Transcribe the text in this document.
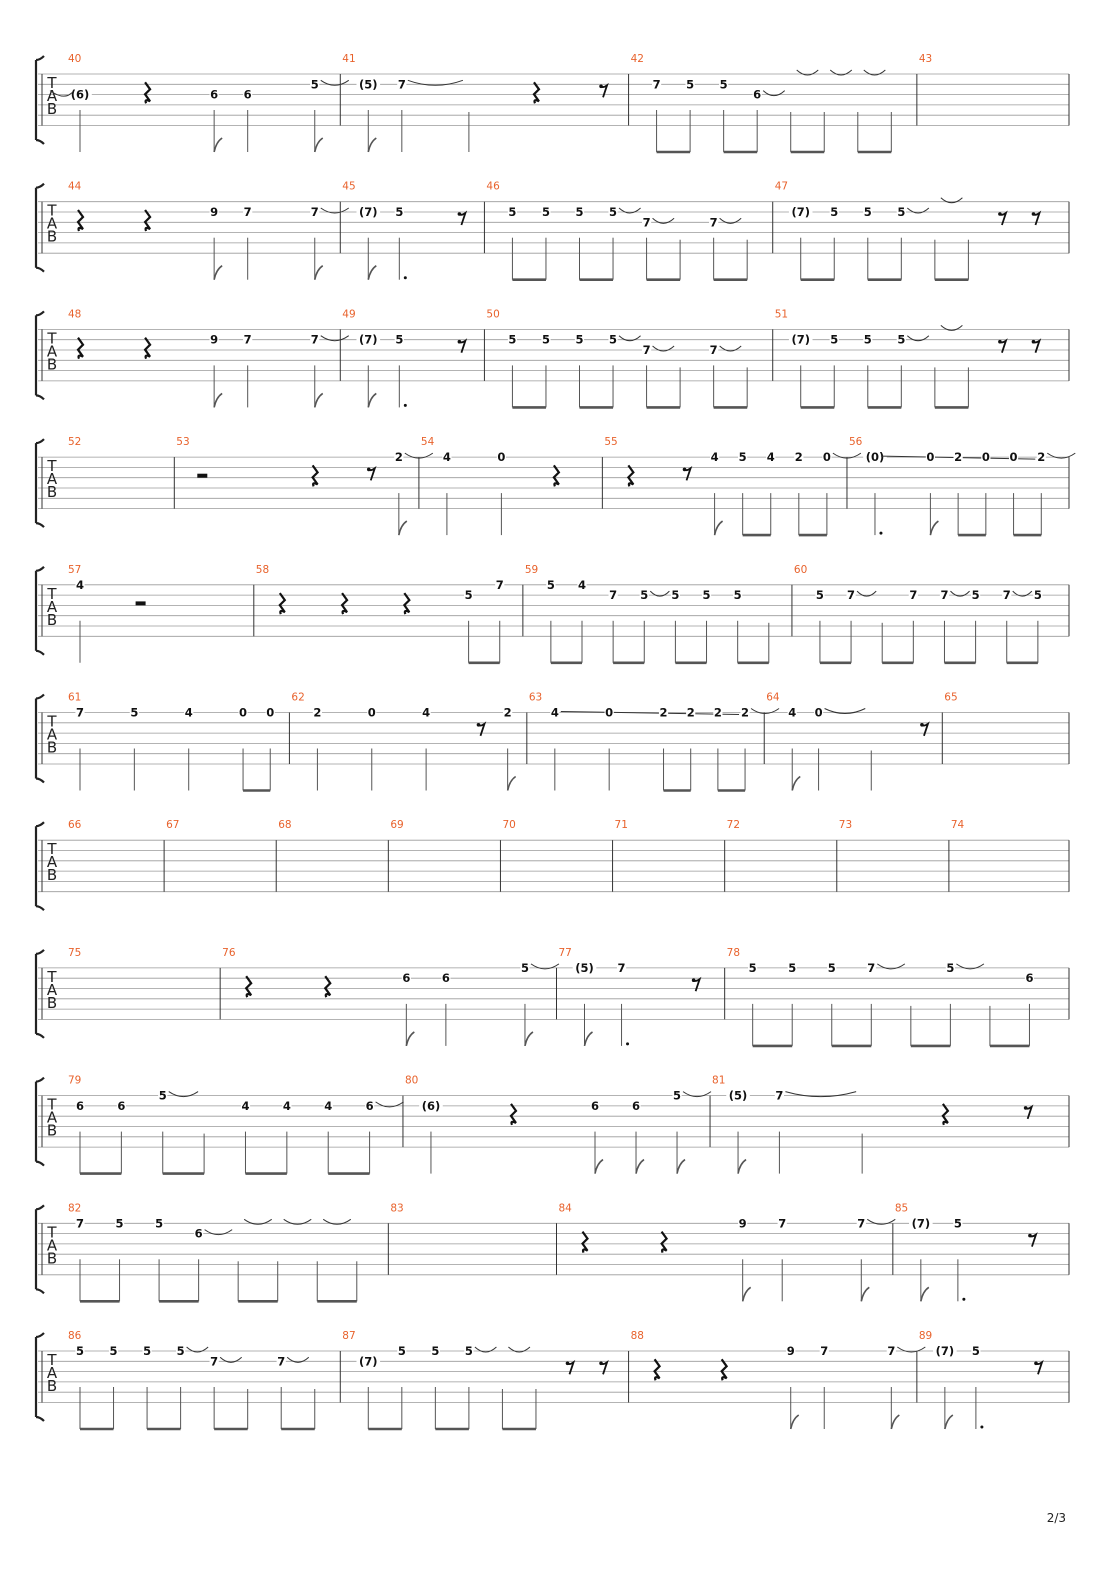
T
A
B
40
(6)	6 6
5
41
(5) 7
42
7 5 5
6
43
T
A
B
44
9 7	7
45
(7) 5
46
5 5 5 5
7	7
47
(7) 5 5 5
T
A
B
48
9 7	7
49
(7) 5
50
5 5 5 5
7	7
51
(7) 5 5 5
T
A
B
52	53
2
54
4	0
55
4 5 4 2 0
56
(0)	0 2 0 0 2
T
A
B
57
4
58
5
7
59
5 4
7 5 5 5 5
60
5 7	7 7 5 7 5
T
A
B
61
7	5	4	0 0
62
2	0	4	2
63
4	0	2 2 2 2
64
4 0
65
T
A
B
66	67	68	69	70	71	72	73	74
T
A
B
75	76
6	6
5
77
(5) 7
78
5	5	5	7	5
6
T
A
B
79
6	6
5
4	4	4	6
80
(6)	6	6
5
81
(5) 7
T
A
B
82
7	5	5
6
83	84
9	7	7
85
(7) 5
T
A
B
86
5 5 5 5
7	7
87
(7)
5 5 5
88
9 7	7
89
(7) 5
2/3
